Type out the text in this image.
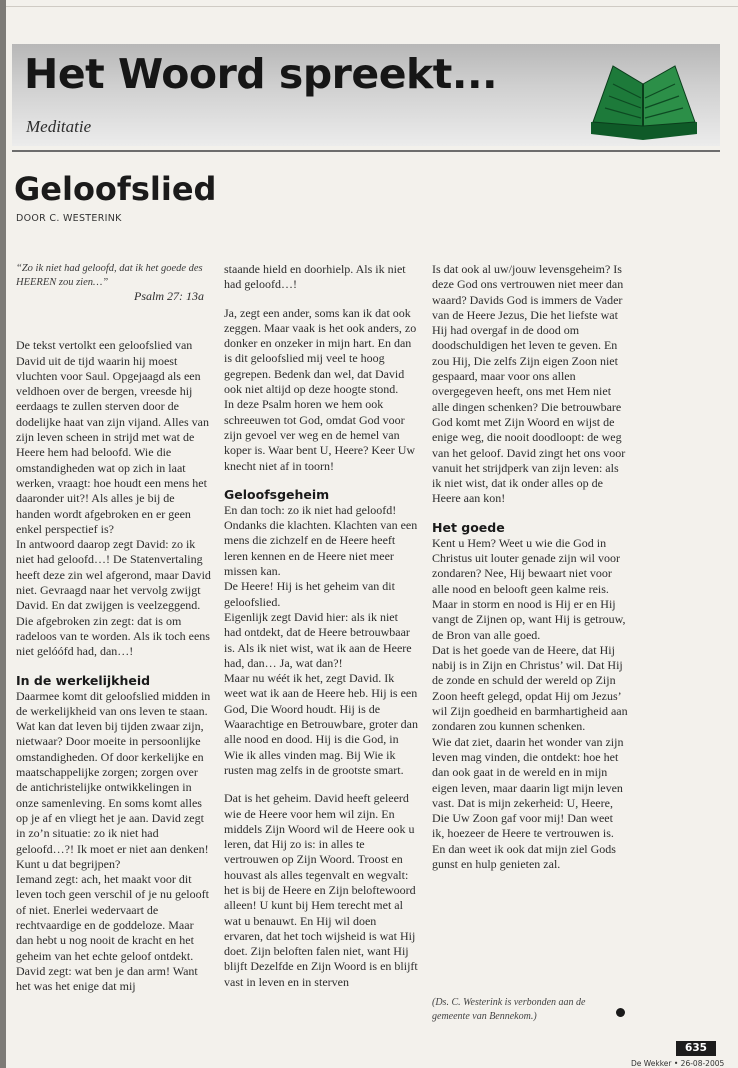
Het Woord spreekt...
Meditatie
Geloofslied
DOOR C. WESTERINK

“Zo ik niet had geloofd, dat ik het goede des HEEREN zou zien…”

Psalm 27: 13a

De tekst vertolkt een geloofslied van David uit de tijd waarin hij moest vluchten voor Saul. Opgejaagd als een veldhoen over de bergen, vreesde hij eerdaags te zullen sterven door de dodelijke haat van zijn vijand. Alles van zijn leven scheen in strijd met wat de Heere hem had beloofd. Wie die omstandigheden wat op zich in laat werken, vraagt: hoe houdt een mens het daaronder uit?! Als alles je bij de handen wordt afgebroken en er geen enkel perspectief is?

In antwoord daarop zegt David: zo ik niet had geloofd…! De Statenvertaling heeft deze zin wel afgerond, maar David niet. Gevraagd naar het vervolg zwijgt David. En dat zwijgen is veelzeggend. Die afgebroken zin zegt: dat is om radeloos van te worden. Als ik toch eens niet gelóófd had, dan…!

In de werkelijkheid

Daarmee komt dit geloofslied midden in de werkelijkheid van ons leven te staan. Wat kan dat leven bij tijden zwaar zijn, nietwaar? Door moeite in persoonlijke omstandigheden. Of door kerkelijke en maatschappelijke zorgen; zorgen over de antichristelijke ontwikkelingen in onze samenleving. En soms komt alles op je af en vliegt het je aan. David zegt in zo’n situatie: zo ik niet had geloofd…?! Ik moet er niet aan denken!

Kunt u dat begrijpen?

Iemand zegt: ach, het maakt voor dit leven toch geen verschil of je nu gelooft of niet. Enerlei wedervaart de rechtvaardige en de goddeloze. Maar dan hebt u nog nooit de kracht en het geheim van het echte geloof ontdekt. David zegt: wat ben je dan arm! Want het was het enige dat mij

staande hield en doorhielp. Als ik niet had geloofd…!

Ja, zegt een ander, soms kan ik dat ook zeggen. Maar vaak is het ook anders, zo donker en onzeker in mijn hart. En dan is dit geloofslied mij veel te hoog gegrepen. Bedenk dan wel, dat David ook niet altijd op deze hoogte stond.

In deze Psalm horen we hem ook schreeuwen tot God, omdat God voor zijn gevoel ver weg en de hemel van koper is. Waar bent U, Heere? Keer Uw knecht niet af in toorn!

Geloofsgeheim

En dan toch: zo ik niet had geloofd! Ondanks die klachten. Klachten van een mens die zichzelf en de Heere heeft leren kennen en de Heere niet meer missen kan.

De Heere! Hij is het geheim van dit geloofslied.

Eigenlijk zegt David hier: als ik niet had ontdekt, dat de Heere betrouwbaar is. Als ik niet wist, wat ik aan de Heere had, dan… Ja, wat dan?!

Maar nu wéét ik het, zegt David. Ik weet wat ik aan de Heere heb. Hij is een God, Die Woord houdt. Hij is de Waarachtige en Betrouwbare, groter dan alle nood en dood. Hij is die God, in Wie ik alles vinden mag. Bij Wie ik rusten mag zelfs in de grootste smart.

Dat is het geheim. David heeft geleerd wie de Heere voor hem wil zijn. En middels Zijn Woord wil de Heere ook u leren, dat Hij zo is: in alles te vertrouwen op Zijn Woord. Troost en houvast als alles tegenvalt en wegvalt: het is bij de Heere en Zijn beloftewoord alleen! U kunt bij Hem terecht met al wat u benauwt. En Hij wil doen ervaren, dat het toch wijsheid is wat Hij doet. Zijn beloften falen niet, want Hij blijft Dezelfde en Zijn Woord is en blijft vast in leven en in sterven

Is dat ook al uw/jouw levensgeheim? Is deze God ons vertrouwen niet meer dan waard? Davids God is immers de Vader van de Heere Jezus, Die het liefste wat Hij had overgaf in de dood om doodschuldigen het leven te geven. En zou Hij, Die zelfs Zijn eigen Zoon niet gespaard, maar voor ons allen overgegeven heeft, ons met Hem niet alle dingen schenken? Die betrouwbare God komt met Zijn Woord en wijst de enige weg, die nooit doodloopt: de weg van het geloof. David zingt het ons voor vanuit het strijdperk van zijn leven: als ik niet wist, dat ik onder alles op de Heere aan kon!

Het goede

Kent u Hem? Weet u wie die God in Christus uit louter genade zijn wil voor zondaren? Nee, Hij bewaart niet voor alle nood en belooft geen kalme reis. Maar in storm en nood is Hij er en Hij vangt de Zijnen op, want Hij is getrouw, de Bron van alle goed.

Dat is het goede van de Heere, dat Hij nabij is in Zijn en Christus’ wil. Dat Hij de zonde en schuld der wereld op Zijn Zoon heeft gelegd, opdat Hij om Jezus’ wil Zijn goedheid en barmhartigheid aan zondaren zou kunnen schenken.

Wie dat ziet, daarin het wonder van zijn leven mag vinden, die ontdekt: hoe het dan ook gaat in de wereld en in mijn eigen leven, maar daarin ligt mijn leven vast. Dat is mijn zekerheid: U, Heere, Die Uw Zoon gaf voor mij! Dan weet ik, hoezeer de Heere te vertrouwen is. En dan weet ik ook dat mijn ziel Gods gunst en hulp genieten zal.

(Ds. C. Westerink is verbonden aan de gemeente van Bennekom.)
635
De Wekker • 26-08-2005
